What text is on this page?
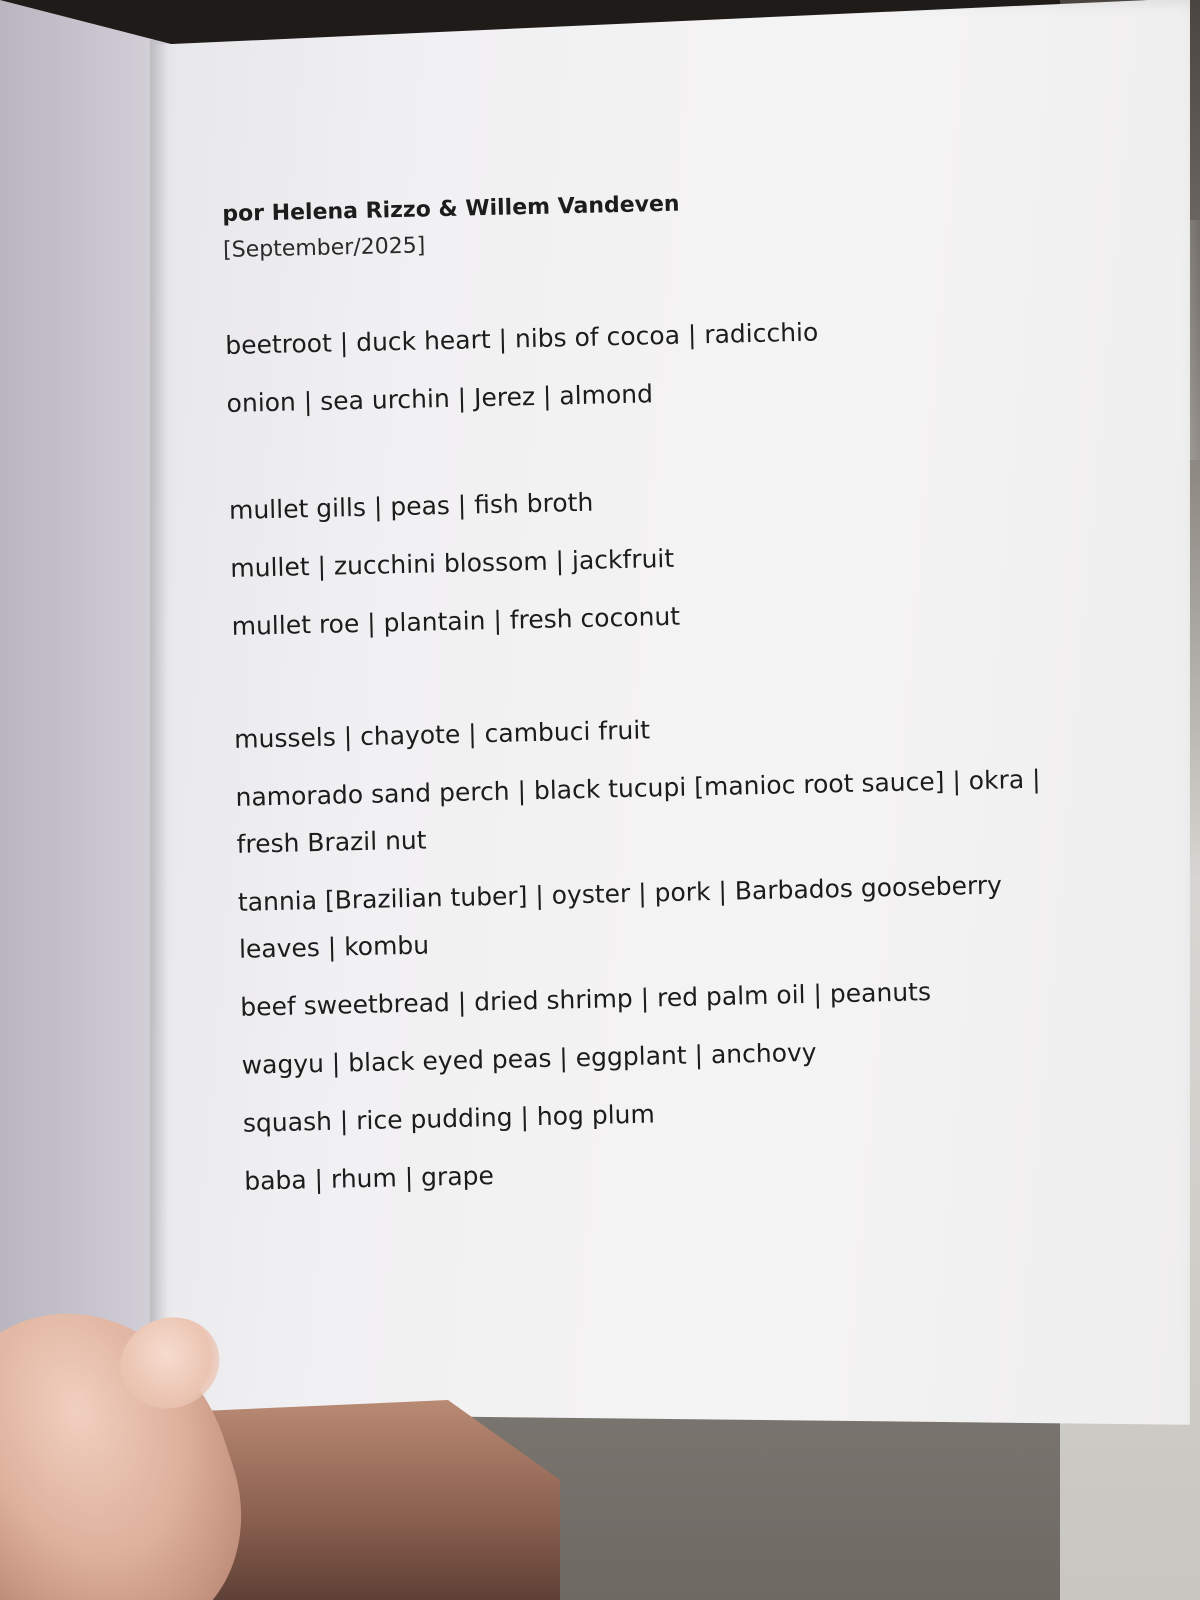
por Helena Rizzo & Willem Vandeven

[September/2025]

beetroot | duck heart | nibs of cocoa | radicchio
onion | sea urchin | Jerez | almond
mullet gills | peas | fish broth
mullet | zucchini blossom | jackfruit
mullet roe | plantain | fresh coconut
mussels | chayote | cambuci fruit
namorado sand perch | black tucupi [manioc root sauce] | okra | fresh Brazil nut
tannia [Brazilian tuber] | oyster | pork | Barbados gooseberry leaves | kombu
beef sweetbread | dried shrimp | red palm oil | peanuts
wagyu | black eyed peas | eggplant | anchovy
squash | rice pudding | hog plum
baba | rhum | grape
